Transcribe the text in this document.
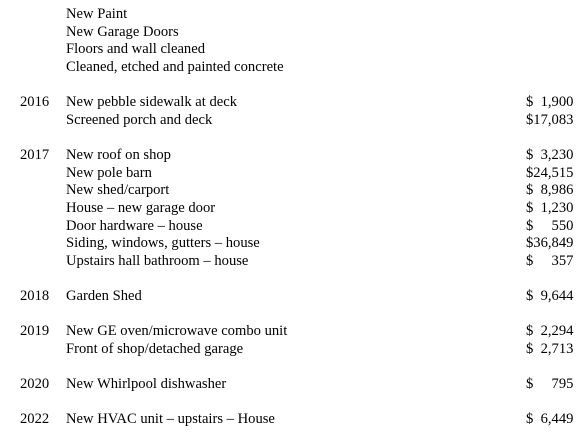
New Paint
New Garage Doors
Floors and wall cleaned
Cleaned, etched and painted concrete
2016 New pebble sidewalk at deck	$  1,900
Screened porch and deck	$17,083
2017 New roof on shop	$  3,230
New pole barn	$24,515
New shed/carport	$  8,986
House – new garage door	$  1,230
Door hardware – house	$     550
Siding, windows, gutters – house	$36,849
Upstairs hall bathroom – house	$     357
2018 Garden Shed	$  9,644
2019 New GE oven/microwave combo unit	$  2,294
Front of shop/detached garage	$  2,713
2020 New Whirlpool dishwasher	$     795
2022 New HVAC unit – upstairs – House	$  6,449
